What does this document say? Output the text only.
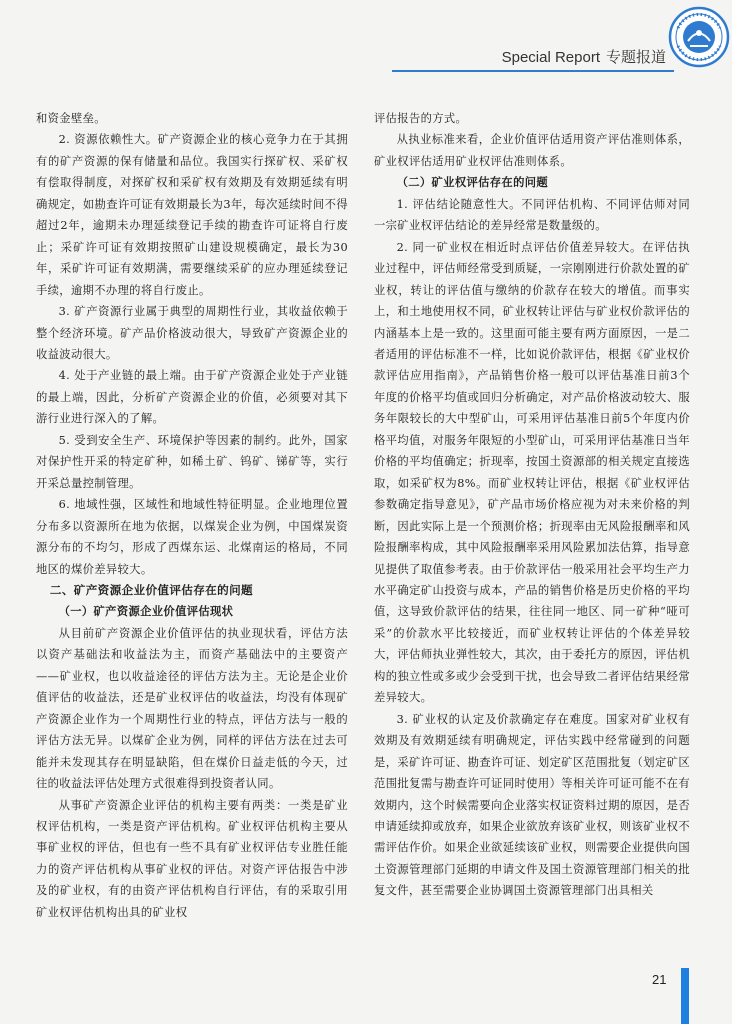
Special Report 专题报道

和资金壁垒。

2. 资源依赖性大。矿产资源企业的核心竞争力在于其拥有的矿产资源的保有储量和品位。我国实行探矿权、采矿权有偿取得制度，对探矿权和采矿权有效期及有效期延续有明确规定，如勘查许可证有效期最长为3年，每次延续时间不得超过2年，逾期未办理延续登记手续的勘查许可证将自行废止；采矿许可证有效期按照矿山建设规模确定，最长为30年，采矿许可证有效期满，需要继续采矿的应办理延续登记手续，逾期不办理的将自行废止。

3. 矿产资源行业属于典型的周期性行业，其收益依赖于整个经济环境。矿产品价格波动很大，导致矿产资源企业的收益波动很大。

4. 处于产业链的最上端。由于矿产资源企业处于产业链的最上端，因此，分析矿产资源企业的价值，必须要对其下游行业进行深入的了解。

5. 受到安全生产、环境保护等因素的制约。此外，国家对保护性开采的特定矿种，如稀土矿、钨矿、锑矿等，实行开采总量控制管理。

6. 地域性强，区域性和地域性特征明显。企业地理位置分布多以资源所在地为依据，以煤炭企业为例，中国煤炭资源分布的不均匀，形成了西煤东运、北煤南运的格局，不同地区的煤价差异较大。

二、矿产资源企业价值评估存在的问题
（一）矿产资源企业价值评估现状

从目前矿产资源企业价值评估的执业现状看，评估方法以资产基础法和收益法为主，而资产基础法中的主要资产——矿业权，也以收益途径的评估方法为主。无论是企业价值评估的收益法，还是矿业权评估的收益法，均没有体现矿产资源企业作为一个周期性行业的特点，评估方法与一般的评估方法无异。以煤矿企业为例，同样的评估方法在过去可能并未发现其存在明显缺陷，但在煤价日益走低的今天，过往的收益法评估处理方式很难得到投资者认同。

从事矿产资源企业评估的机构主要有两类：一类是矿业权评估机构，一类是资产评估机构。矿业权评估机构主要从事矿业权的评估，但也有一些不具有矿业权评估专业胜任能力的资产评估机构从事矿业权的评估。对资产评估报告中涉及的矿业权，有的由资产评估机构自行评估，有的采取引用矿业权评估机构出具的矿业权

评估报告的方式。

从执业标准来看，企业价值评估适用资产评估准则体系，矿业权评估适用矿业权评估准则体系。

（二）矿业权评估存在的问题

1. 评估结论随意性大。不同评估机构、不同评估师对同一宗矿业权评估结论的差异经常是数量级的。

2. 同一矿业权在相近时点评估价值差异较大。在评估执业过程中，评估师经常受到质疑，一宗刚刚进行价款处置的矿业权，转让的评估值与缴纳的价款存在较大的增值。而事实上，和土地使用权不同，矿业权转让评估与矿业权价款评估的内涵基本上是一致的。这里面可能主要有两方面原因，一是二者适用的评估标准不一样，比如说价款评估，根据《矿业权价款评估应用指南》，产品销售价格一般可以评估基准日前3个年度的价格平均值或回归分析确定，对产品价格波动较大、服务年限较长的大中型矿山，可采用评估基准日前5个年度内价格平均值，对服务年限短的小型矿山，可采用评估基准日当年价格的平均值确定；折现率，按国土资源部的相关规定直接选取，如采矿权为8%。而矿业权转让评估，根据《矿业权评估参数确定指导意见》，矿产品市场价格应视为对未来价格的判断，因此实际上是一个预测价格；折现率由无风险报酬率和风险报酬率构成，其中风险报酬率采用风险累加法估算，指导意见提供了取值参考表。由于价款评估一般采用社会平均生产力水平确定矿山投资与成本，产品的销售价格是历史价格的平均值，这导致价款评估的结果，往往同一地区、同一矿种“哑可采”的价款水平比较接近，而矿业权转让评估的个体差异较大，评估师执业弹性较大，其次，由于委托方的原因，评估机构的独立性或多或少会受到干扰，也会导致二者评估结果经常差异较大。

3. 矿业权的认定及价款确定存在难度。国家对矿业权有效期及有效期延续有明确规定，评估实践中经常碰到的问题是，采矿许可证、勘查许可证、划定矿区范围批复（划定矿区范围批复需与勘查许可证同时使用）等相关许可证可能不在有效期内，这个时候需要向企业落实权证资料过期的原因，是否申请延续抑或放弃，如果企业欲放弃该矿业权，则该矿业权不需评估作价。如果企业欲延续该矿业权，则需要企业提供向国土资源管理部门延期的申请文件及国土资源管理部门相关的批复文件，甚至需要企业协调国土资源管理部门出具相关

21
